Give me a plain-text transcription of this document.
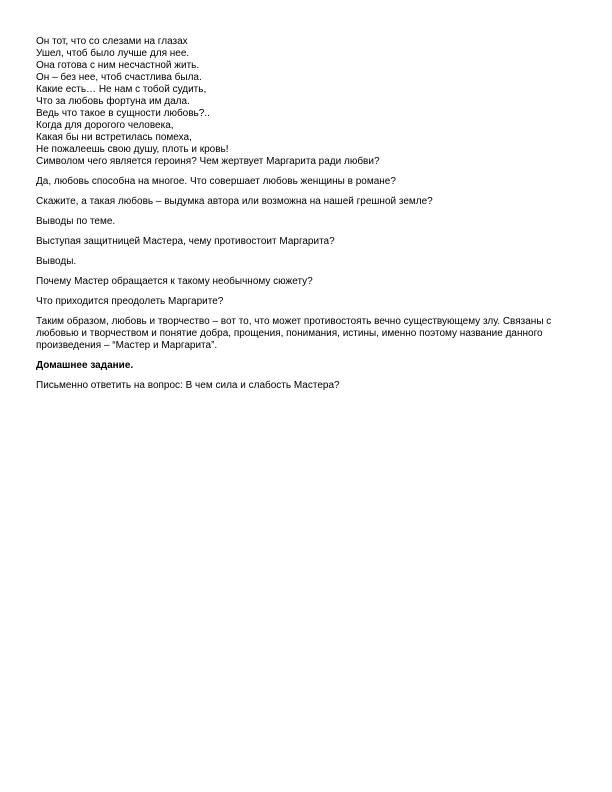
Он тот, что со слезами на глазах
Ушел, чтоб было лучше для нее.
Она готова с ним несчастной жить.
Он – без нее, чтоб счастлива была.
Какие есть… Не нам с тобой судить,
Что за любовь фортуна им дала.
Ведь что такое в сущности любовь?..
Когда для дорогого человека,
Какая бы ни встретилась помеха,
Не пожалеешь свою душу, плоть и кровь!

Символом чего является героиня? Чем жертвует Маргарита ради любви?

Да, любовь способна на многое. Что совершает любовь женщины в романе?

Скажите, а такая любовь – выдумка автора или возможна на нашей грешной земле?

Выводы по теме.

Выступая защитницей Мастера, чему противостоит Маргарита?

Выводы.

Почему Мастер обращается к такому необычному сюжету?

Что приходится преодолеть Маргарите?

Таким образом, любовь и творчество – вот то, что может противостоять вечно существующему злу. Связаны с любовью и творчеством и понятие добра, прощения, понимания, истины, именно поэтому название данного произведения – “Мастер и Маргарита”.

Домашнее задание.

Письменно ответить на вопрос: В чем сила и слабость Мастера?
